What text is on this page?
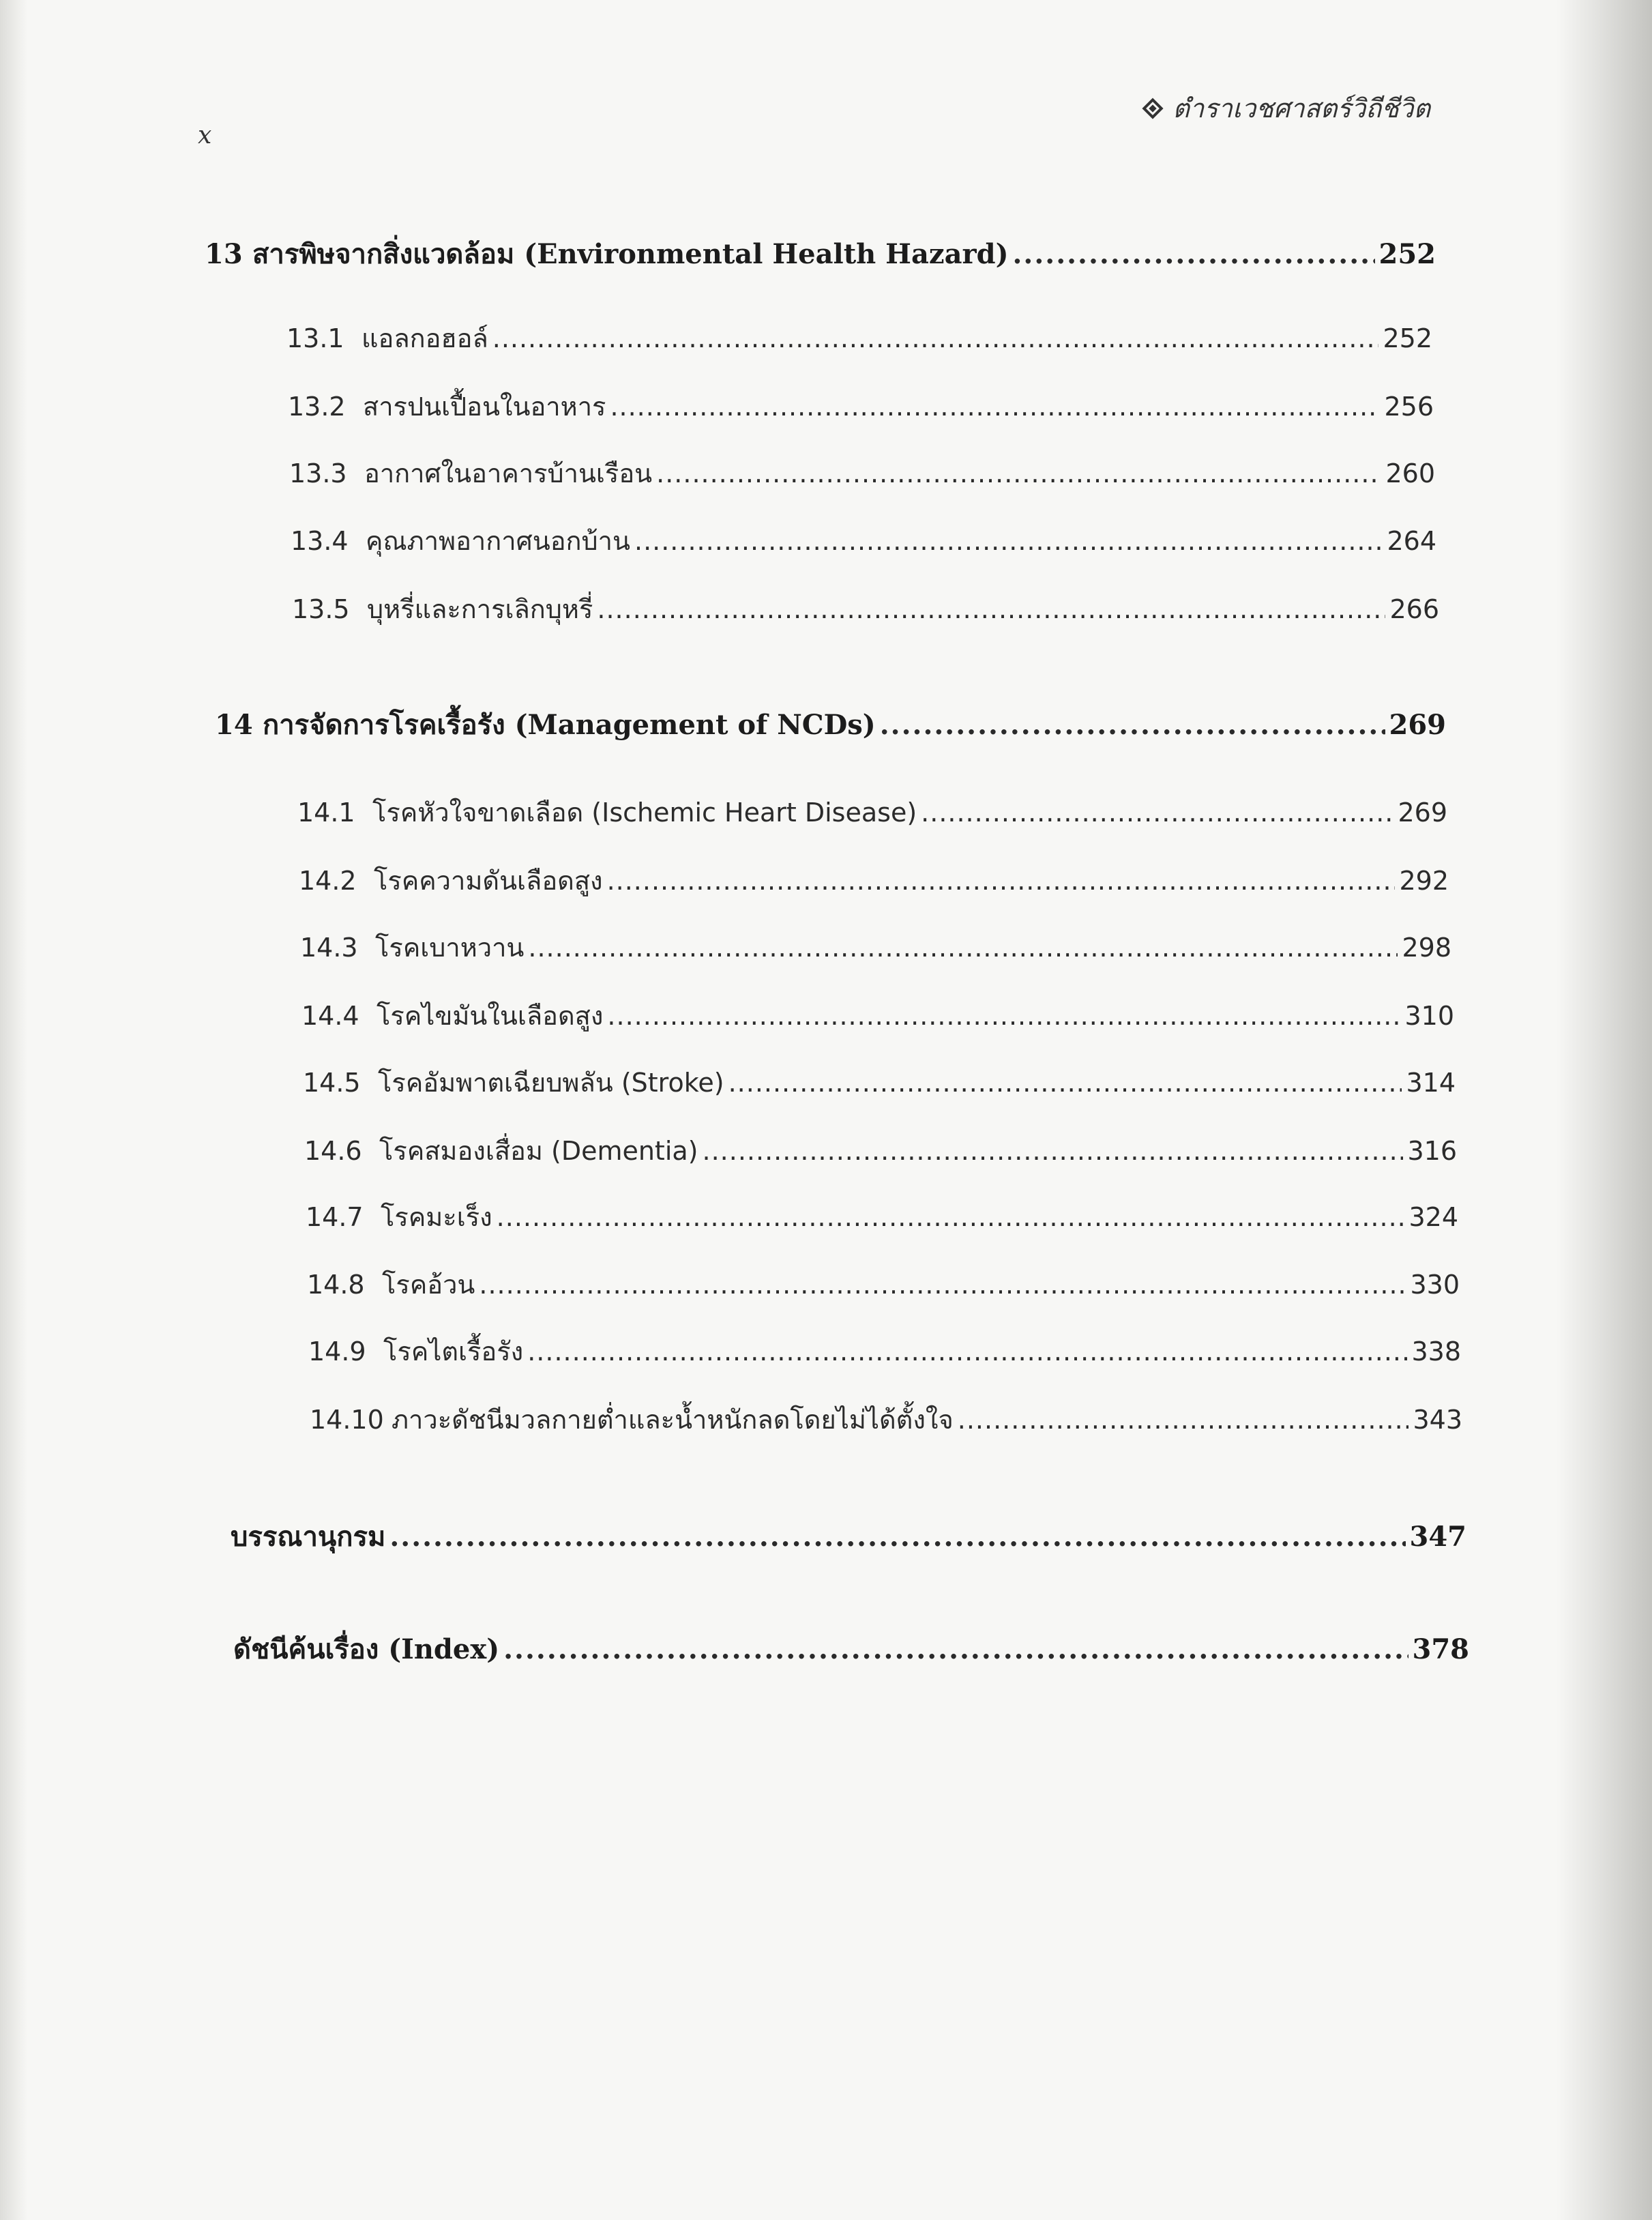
ตำราเวชศาสตร์วิถีชีวิต
x
13 สารพิษจากสิ่งแวดล้อม (Environmental Health Hazard) .....	252
13.1 แอลกอฮอล์ .....	252
13.2 สารปนเปื้อนในอาหาร .....	256
13.3 อากาศในอาคารบ้านเรือน .....	260
13.4 คุณภาพอากาศนอกบ้าน .....	264
13.5 บุหรี่และการเลิกบุหรี่ .....	266
14 การจัดการโรคเรื้อรัง (Management of NCDs) .....	269
14.1 โรคหัวใจขาดเลือด (Ischemic Heart Disease) .....	269
14.2 โรคความดันเลือดสูง .....	292
14.3 โรคเบาหวาน .....	298
14.4 โรคไขมันในเลือดสูง .....	310
14.5 โรคอัมพาตเฉียบพลัน (Stroke) .....	314
14.6 โรคสมองเสื่อม (Dementia) .....	316
14.7 โรคมะเร็ง .....	324
14.8 โรคอ้วน .....	330
14.9 โรคไตเรื้อรัง .....	338
14.10 ภาวะดัชนีมวลกายต่ำและน้ำหนักลดโดยไม่ได้ตั้งใจ .....	343
บรรณานุกรม .....	347
ดัชนีค้นเรื่อง (Index) .....	378
